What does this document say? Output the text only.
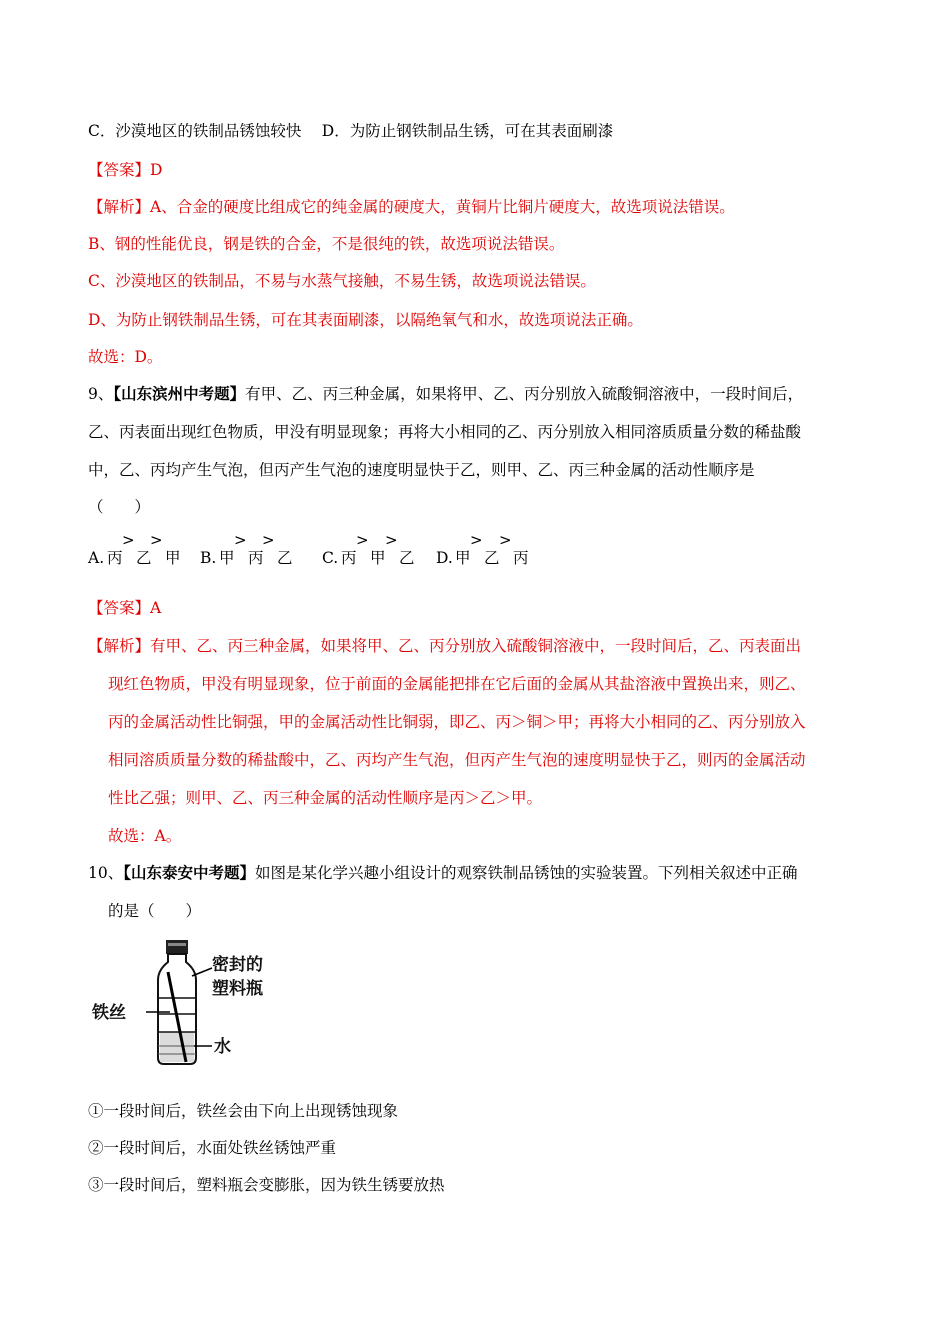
C．沙漠地区的铁制品锈蚀较快　 D．为防止钢铁制品生锈，可在其表面刷漆
【答案】D
【解析】A、合金的硬度比组成它的纯金属的硬度大，黄铜片比铜片硬度大，故选项说法错误。
B、钢的性能优良，钢是铁的合金，不是很纯的铁，故选项说法错误。
C、沙漠地区的铁制品，不易与水蒸气接触，不易生锈，故选项说法错误。
D、为防止钢铁制品生锈，可在其表面刷漆，以隔绝氧气和水，故选项说法正确。
故选：D。
9、【山东滨州中考题】有甲、乙、丙三种金属，如果将甲、乙、丙分别放入硫酸铜溶液中，一段时间后，
乙、丙表面出现红色物质，甲没有明显现象；再将大小相同的乙、丙分别放入相同溶质质量分数的稀盐酸
中，乙、丙均产生气泡，但丙产生气泡的速度明显快于乙，则甲、乙、丙三种金属的活动性顺序是
（　　）
A. 丙
>
乙
>
甲 B. 甲
>
丙
>
乙 C. 丙
>
甲
>
乙 D. 甲
>
乙
>
丙
【答案】A
【解析】有甲、乙、丙三种金属，如果将甲、乙、丙分别放入硫酸铜溶液中，一段时间后，乙、丙表面出
现红色物质，甲没有明显现象，位于前面的金属能把排在它后面的金属从其盐溶液中置换出来，则乙、
丙的金属活动性比铜强，甲的金属活动性比铜弱，即乙、丙＞铜＞甲；再将大小相同的乙、丙分别放入
相同溶质质量分数的稀盐酸中，乙、丙均产生气泡，但丙产生气泡的速度明显快于乙，则丙的金属活动
性比乙强；则甲、乙、丙三种金属的活动性顺序是丙＞乙＞甲。
故选：A。
10、【山东泰安中考题】如图是某化学兴趣小组设计的观察铁制品锈蚀的实验装置。下列相关叙述中正确
的是（　　）
密封的
塑料瓶
铁丝
水
①一段时间后，铁丝会由下向上出现锈蚀现象
②一段时间后，水面处铁丝锈蚀严重
③一段时间后，塑料瓶会变膨胀，因为铁生锈要放热
